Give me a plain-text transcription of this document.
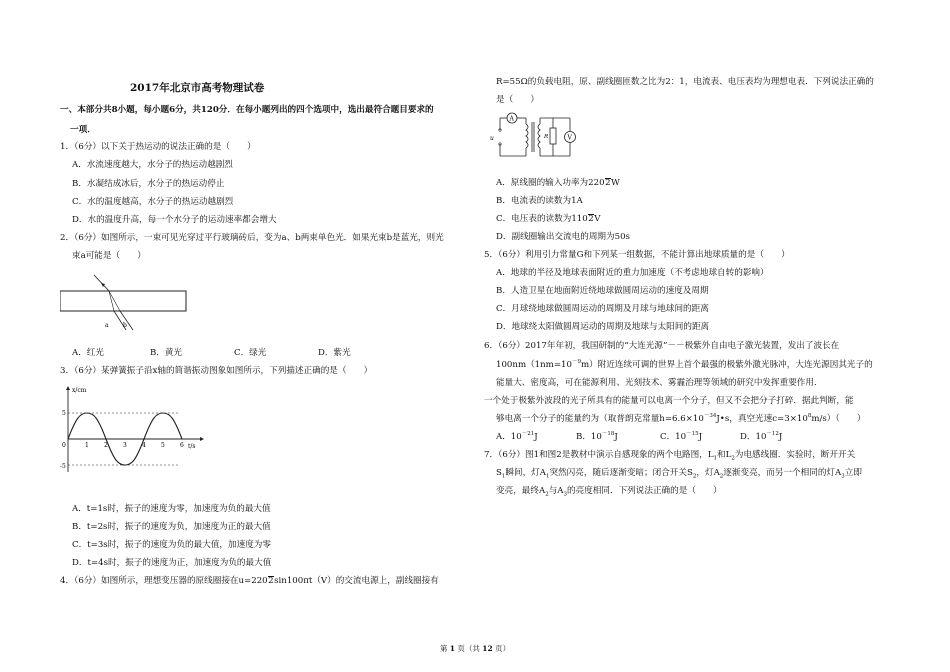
2017年北京市高考物理试卷
一、本部分共8小题，每小题6分，共120分．在每小题列出的四个选项中，选出最符合题目要求的
一项．
1．（6分）以下关于热运动的说法正确的是（　　）
A．水流速度越大，水分子的热运动越剧烈
B．水凝结成冰后，水分子的热运动停止
C．水的温度越高，水分子的热运动越剧烈
D．水的温度升高，每一个水分子的运动速率都会增大
2．（6分）如图所示，一束可见光穿过平行玻璃砖后，变为a、b两束单色光．如果光束b是蓝光，则光
束a可能是（　　）
a b
A．红光	B．黄光	C．绿光	D．紫光
3．（6分）某弹簧振子沿x轴的简谐振动图象如图所示，下列描述正确的是（　　）
x/cm
t/s
5
-5
0	1	2	3	4	5	6
A．t=1s时，振子的速度为零，加速度为负的最大值
B．t=2s时，振子的速度为负，加速度为正的最大值
C．t=3s时，振子的速度为负的最大值，加速度为零
D．t=4s时，振子的速度为正，加速度为负的最大值
4．（6分）如图所示，理想变压器的原线圈接在u=2202sin100πt（V）的交流电源上，副线圈接有
R=55Ω的负载电阻，原、副线圈匝数之比为2：1，电流表、电压表均为理想电表．下列说法正确的
是（　　）
A
u	R	V
A．原线圈的输入功率为2202W
B．电流表的读数为1A
C．电压表的读数为1102V
D．副线圈输出交流电的周期为50s
5．（6分）利用引力常量G和下列某一组数据，不能计算出地球质量的是（　　）
A．地球的半径及地球表面附近的重力加速度（不考虑地球自转的影响）
B．人造卫星在地面附近绕地球做圆周运动的速度及周期
C．月球绕地球做圆周运动的周期及月球与地球间的距离
D．地球绕太阳做圆周运动的周期及地球与太阳间的距离
6．（6分）2017年年初，我国研制的“大连光源”－－极紫外自由电子激光装置，发出了波长在
$100nm(1nm=10^{-9}m)$附近连续可调的世界上首个最强的极紫外激光脉冲，大连光源因其光子的
能量大、密度高，可在能源利用、光刻技术、雾霾治理等领域的研究中发挥重要作用．
一个处于极紫外波段的光子所具有的能量可以电离一个分子，但又不会把分子打碎．据此判断，能
够电离一个分子的能量约为（取普朗克常量$h=6.6\times 10^{-34}J•s$，真空光速$c=3\times 10^8m/s$）（　　）
A．$10^{-21}J$	B．$10^{-18}J$	C．$10^{-15}J$	D．$10^{-12}J$
7．（6分）图1和图2是教材中演示自感现象的两个电路图，$L_1$和$L_2$为电感线圈．实验时，断开开关
$S_1$瞬间，灯$A_1$突然闪亮，随后逐渐变暗；闭合开关$S_2$，灯$A_2$逐渐变亮，而另一个相同的灯$A_3$立即
变亮，最终$A_2$与$A_3$的亮度相同．下列说法正确的是（　　）
第 1 页（共 12 页）
